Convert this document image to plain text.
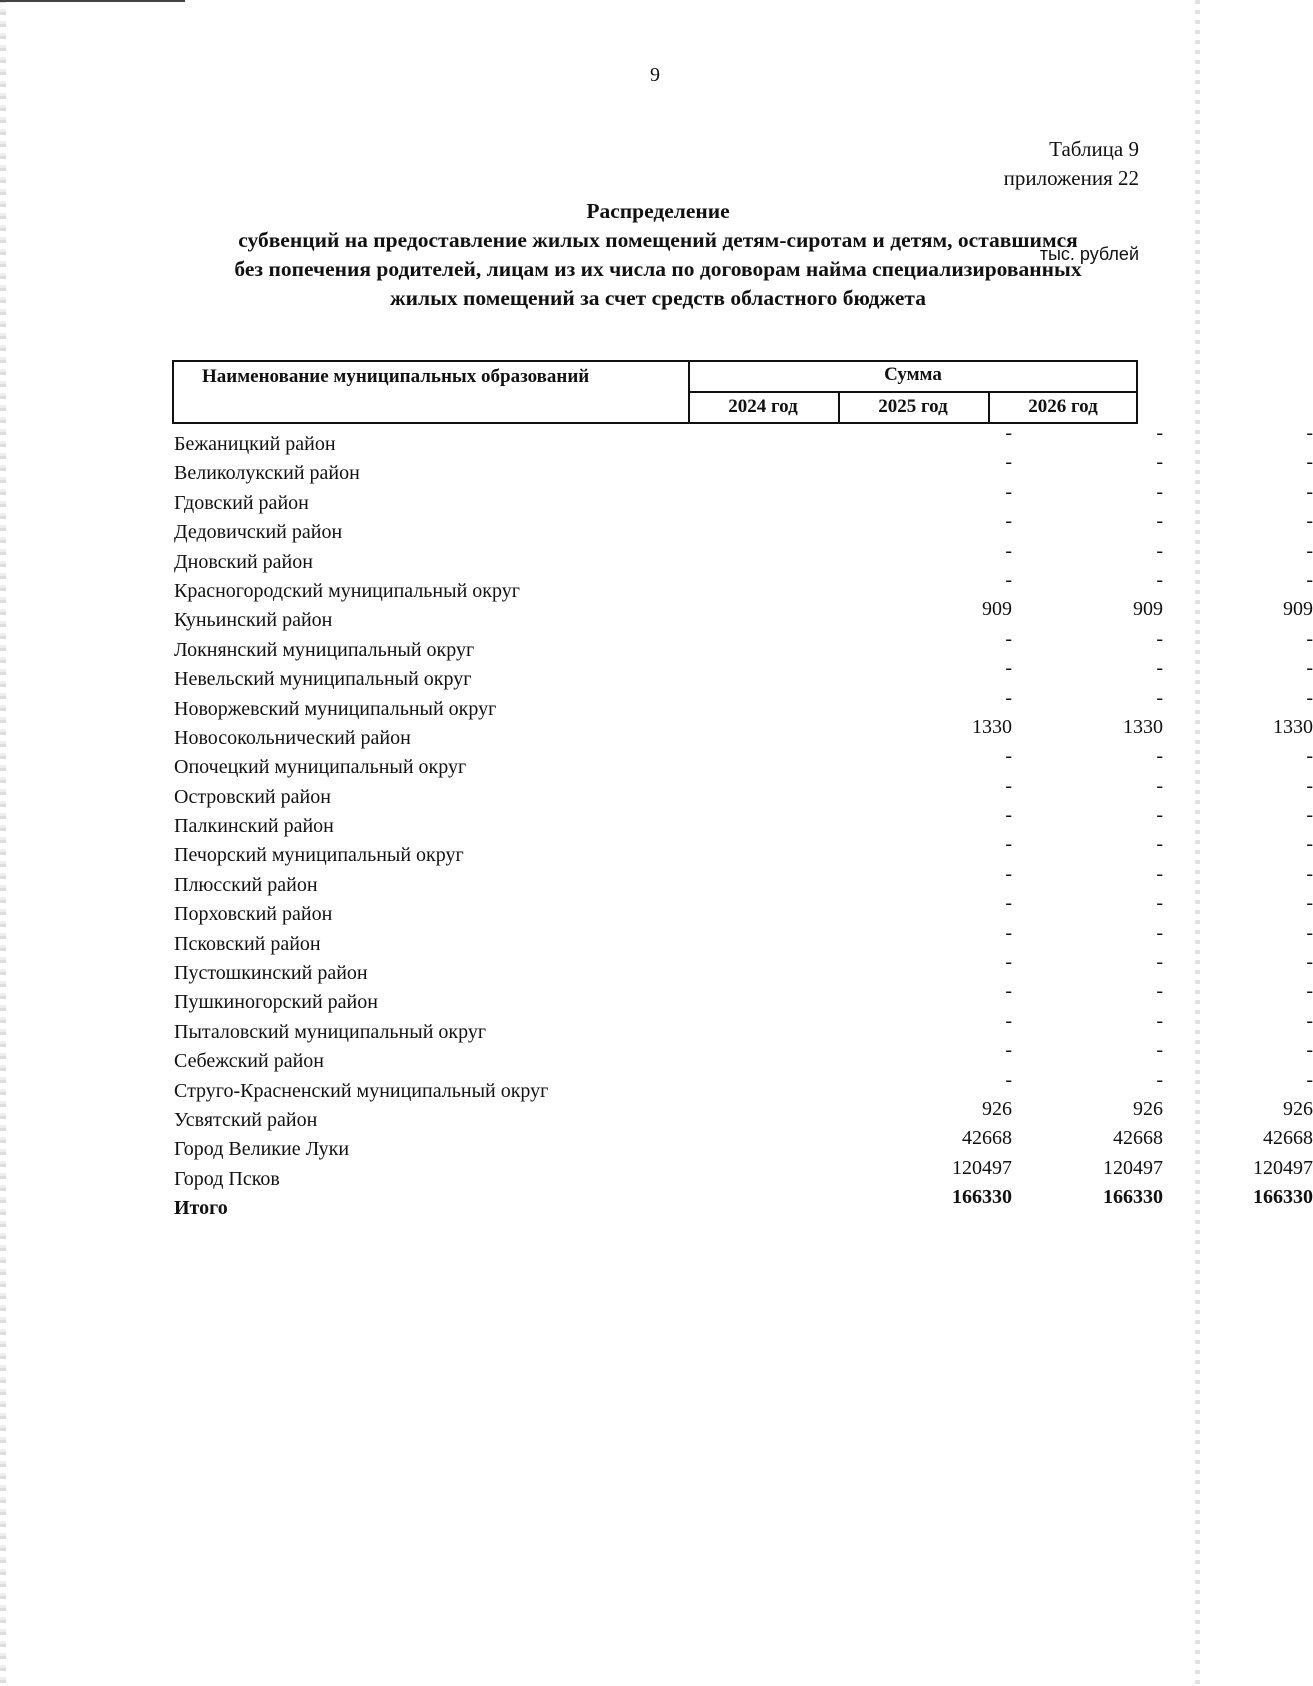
9
Таблица 9
приложения 22
Распределение
субвенций на предоставление жилых помещений детям-сиротам и детям, оставшимся
без попечения родителей, лицам из их числа по договорам найма специализированных
жилых помещений за счет средств областного бюджета
тыс. рублей
Наименование муниципальных образований	Сумма
2024 год	2025 год	2026 год
Бежаницкий район	-	-	-
Великолукский район	-	-	-
Гдовский район	-	-	-
Дедовичский район	-	-	-
Дновский район	-	-	-
Красногородский муниципальный округ	-	-	-
Куньинский район	909	909	909
Локнянский муниципальный округ	-	-	-
Невельский муниципальный округ	-	-	-
Новоржевский муниципальный округ	-	-	-
Новосокольнический район	1330	1330	1330
Опочецкий муниципальный округ	-	-	-
Островский район	-	-	-
Палкинский район	-	-	-
Печорский муниципальный округ	-	-	-
Плюсский район	-	-	-
Порховский район	-	-	-
Псковский район	-	-	-
Пустошкинский район	-	-	-
Пушкиногорский район	-	-	-
Пыталовский муниципальный округ	-	-	-
Себежский район	-	-	-
Струго-Красненский муниципальный округ	-	-	-
Усвятский район	926	926	926
Город Великие Луки	42668	42668	42668
Город Псков	120497	120497	120497
Итого	166330	166330	166330
